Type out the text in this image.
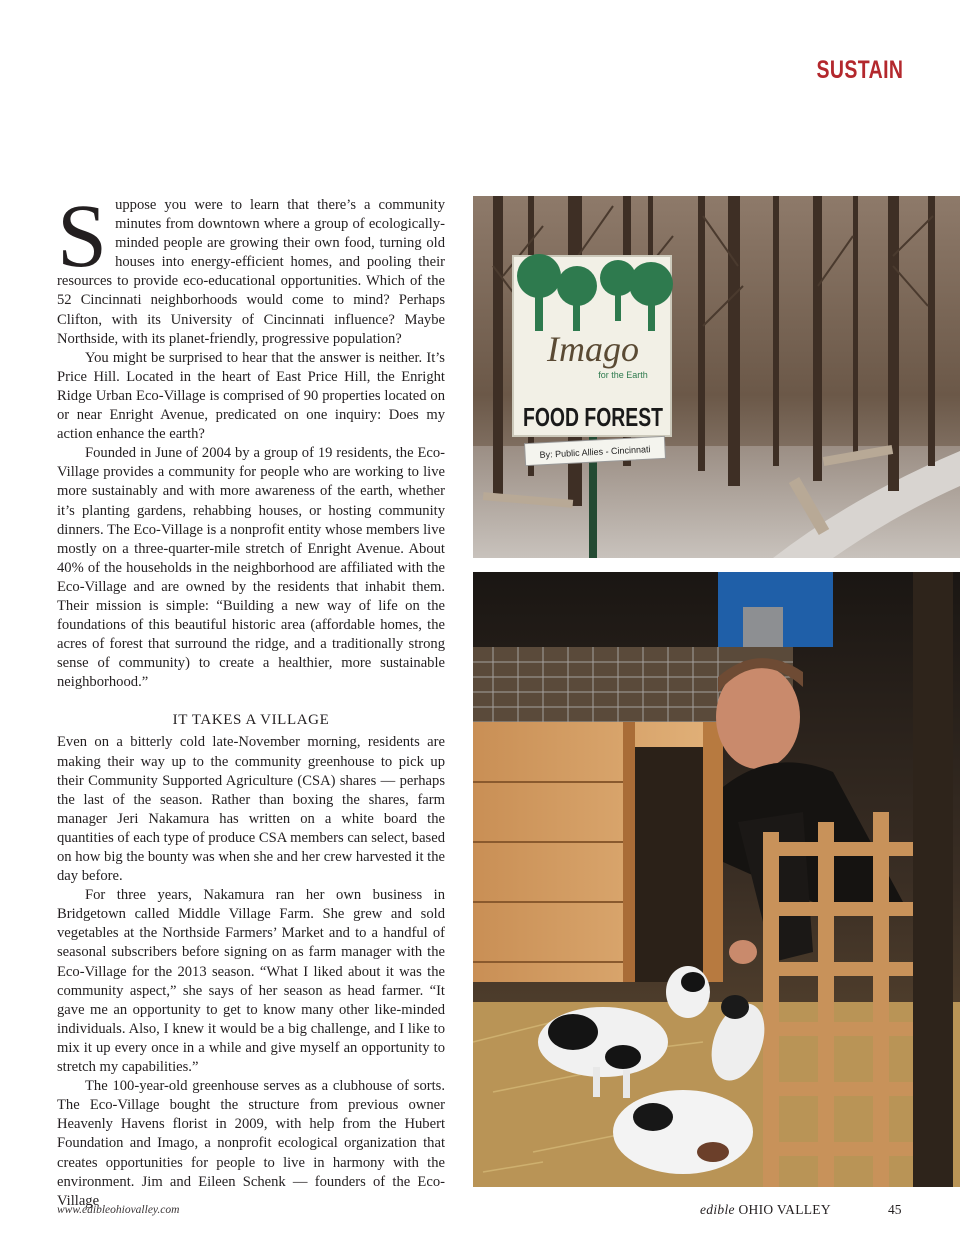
SUSTAIN

Suppose you were to learn that there’s a community minutes from downtown where a group of ecologically-minded people are growing their own food, turning old houses into energy-efficient homes, and pooling their resources to provide eco-educational opportunities. Which of the 52 Cincinnati neighborhoods would come to mind? Perhaps Clifton, with its University of Cincinnati influence? Maybe Northside, with its planet-friendly, progressive population?

You might be surprised to hear that the answer is neither. It’s Price Hill. Located in the heart of East Price Hill, the Enright Ridge Urban Eco-Village is comprised of 90 properties located on or near Enright Avenue, predicated on one inquiry: Does my action enhance the earth?

Founded in June of 2004 by a group of 19 residents, the Eco-Village provides a community for people who are working to live more sustainably and with more awareness of the earth, whether it’s planting gardens, rehabbing houses, or hosting community dinners. The Eco-Village is a nonprofit entity whose members live mostly on a three-quarter-mile stretch of Enright Avenue. About 40% of the households in the neighborhood are affiliated with the Eco-Village and are owned by the residents that inhabit them. Their mission is simple: “Building a new way of life on the foundations of this beautiful historic area (affordable homes, the acres of forest that surround the ridge, and a traditionally strong sense of community) to create a healthier, more sustainable neighborhood.”

IT TAKES A VILLAGE

Even on a bitterly cold late-November morning, residents are making their way up to the community greenhouse to pick up their Community Supported Agriculture (CSA) shares — perhaps the last of the season. Rather than boxing the shares, farm manager Jeri Nakamura has written on a white board the quantities of each type of produce CSA members can select, based on how big the bounty was when she and her crew harvested it the day before.

For three years, Nakamura ran her own business in Bridgetown called Middle Village Farm. She grew and sold vegetables at the Northside Farmers’ Market and to a handful of seasonal subscribers before signing on as farm manager with the Eco-Village for the 2013 season. “What I liked about it was the community aspect,” she says of her season as head farmer. “It gave me an opportunity to get to know many other like-minded individuals. Also, I knew it would be a big challenge, and I like to mix it up every once in a while and give myself an opportunity to stretch my capabilities.”

The 100-year-old greenhouse serves as a clubhouse of sorts. The Eco-Village bought the structure from previous owner Heavenly Havens florist in 2009, with help from the Hubert Foundation and Imago, a nonprofit ecological organization that creates opportunities for people to live in harmony with the environment. Jim and Eileen Schenk — founders of the Eco-Village

Imago
for the Earth
FOOD FOREST
By: Public Allies - Cincinnati
www.edibleohiovalley.com	edible OHIO VALLEY	45
